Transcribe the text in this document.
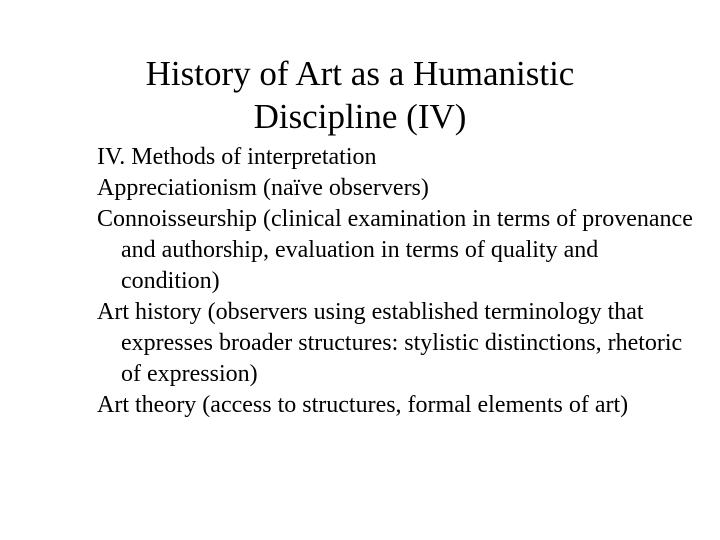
History of Art as a Humanistic
Discipline (IV)
IV. Methods of interpretation
Appreciationism (naïve observers)
Connoisseurship (clinical examination in terms of provenance and authorship, evaluation in terms of quality and condition)
Art history (observers using established terminology that expresses broader structures: stylistic distinctions, rhetoric of expression)
Art theory (access to structures, formal elements of art)
